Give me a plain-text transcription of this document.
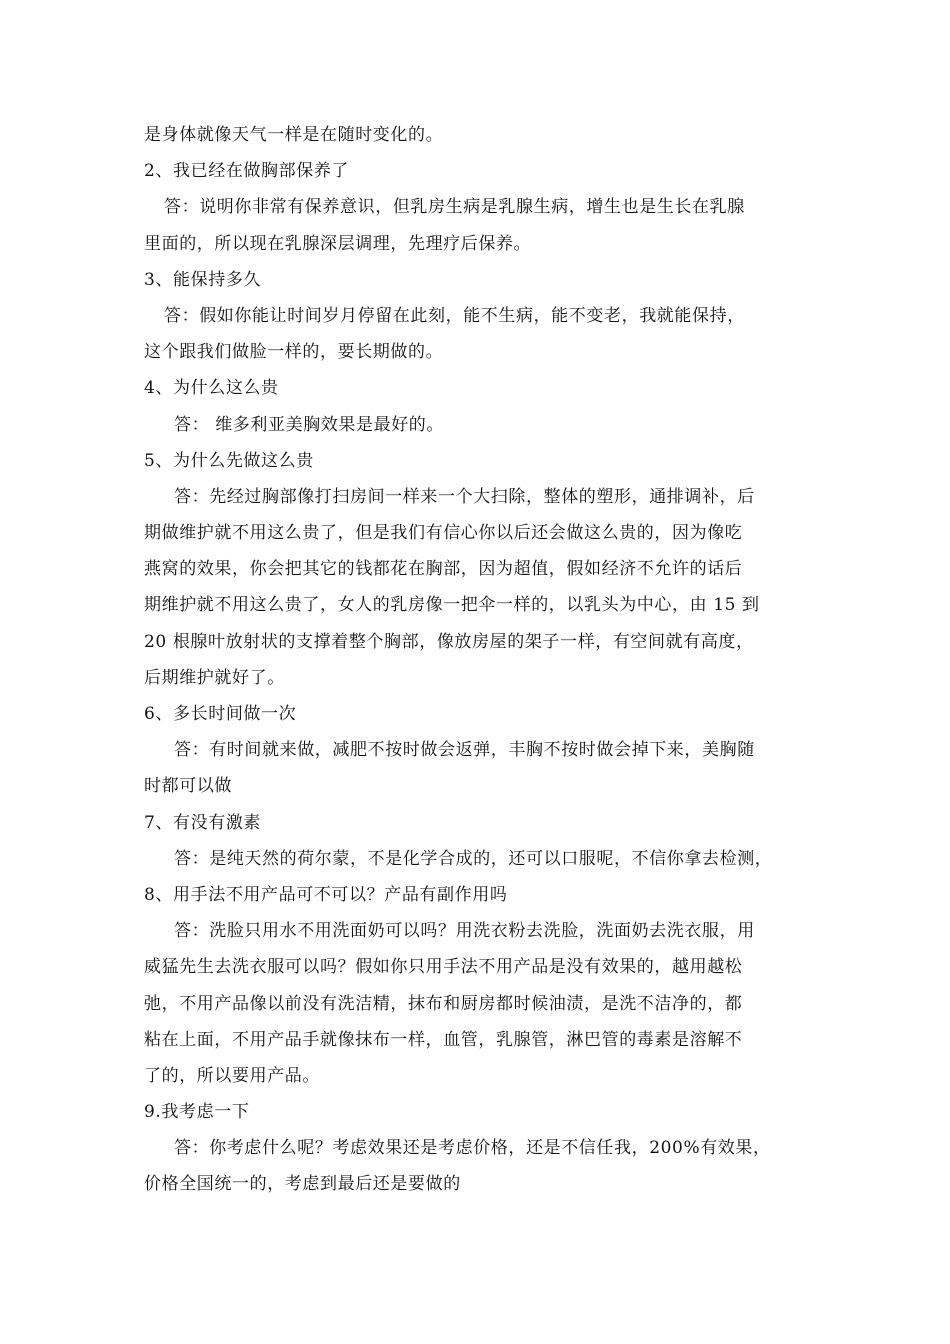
是身体就像天气一样是在随时变化的。
2、我已经在做胸部保养了
答：说明你非常有保养意识，但乳房生病是乳腺生病，增生也是生长在乳腺
里面的，所以现在乳腺深层调理，先理疗后保养。
3、能保持多久
答：假如你能让时间岁月停留在此刻，能不生病，能不变老，我就能保持，
这个跟我们做脸一样的，要长期做的。
4、为什么这么贵
答： 维多利亚美胸效果是最好的。
5、为什么先做这么贵
答：先经过胸部像打扫房间一样来一个大扫除，整体的塑形，通排调补，后
期做维护就不用这么贵了，但是我们有信心你以后还会做这么贵的，因为像吃
燕窝的效果，你会把其它的钱都花在胸部，因为超值，假如经济不允许的话后
期维护就不用这么贵了，女人的乳房像一把伞一样的，以乳头为中心，由 15 到
20 根腺叶放射状的支撑着整个胸部，像放房屋的架子一样，有空间就有高度，
后期维护就好了。
6、多长时间做一次
答：有时间就来做，减肥不按时做会返弹，丰胸不按时做会掉下来，美胸随
时都可以做
7、有没有激素
答：是纯天然的荷尔蒙，不是化学合成的，还可以口服呢，不信你拿去检测，
8、用手法不用产品可不可以？产品有副作用吗
答：洗脸只用水不用洗面奶可以吗？用洗衣粉去洗脸，洗面奶去洗衣服，用
威猛先生去洗衣服可以吗？假如你只用手法不用产品是没有效果的，越用越松
弛，不用产品像以前没有洗洁精，抹布和厨房都时候油渍，是洗不洁净的，都
粘在上面，不用产品手就像抹布一样，血管，乳腺管，淋巴管的毒素是溶解不
了的，所以要用产品。
9.我考虑一下
答：你考虑什么呢？考虑效果还是考虑价格，还是不信任我，200%有效果，
价格全国统一的，考虑到最后还是要做的
